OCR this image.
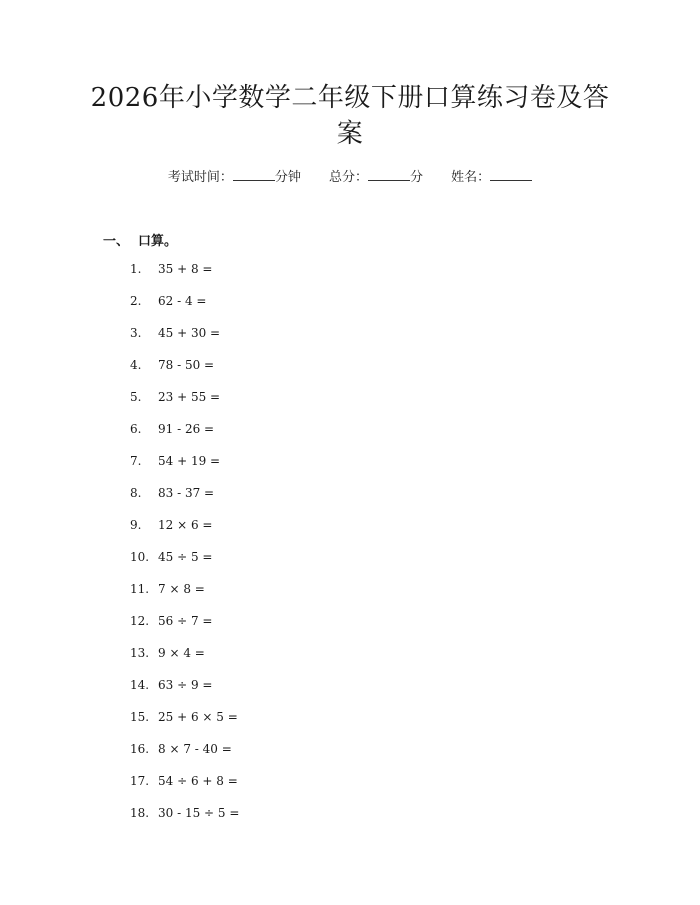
2026年小学数学二年级下册口算练习卷及答案
考试时间：	分钟 总分：	分 姓名：
一、 口算。
1. 35 + 8 =
2. 62 - 4 =
3. 45 + 30 =
4. 78 - 50 =
5. 23 + 55 =
6. 91 - 26 =
7. 54 + 19 =
8. 83 - 37 =
9. 12 × 6 =
10. 45 ÷ 5 =
11. 7 × 8 =
12. 56 ÷ 7 =
13. 9 × 4 =
14. 63 ÷ 9 =
15. 25 + 6 × 5 =
16. 8 × 7 - 40 =
17. 54 ÷ 6 + 8 =
18. 30 - 15 ÷ 5 =
